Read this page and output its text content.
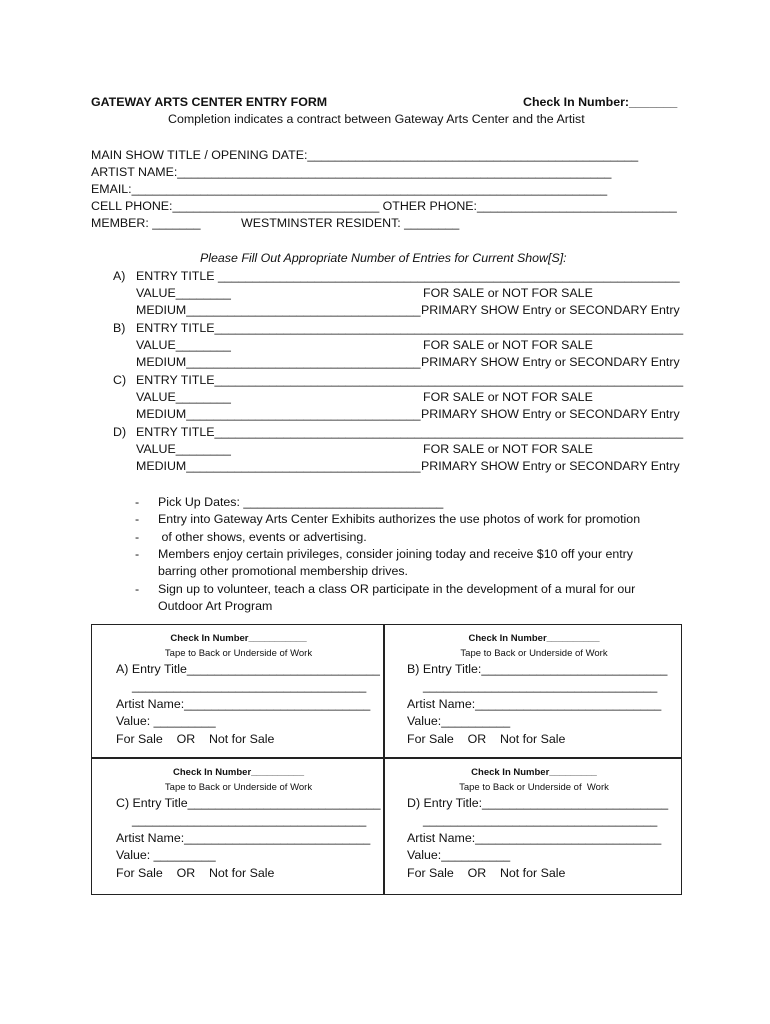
GATEWAY ARTS CENTER ENTRY FORM	Check In Number:_______
Completion indicates a contract between Gateway Arts Center and the Artist
MAIN SHOW TITLE / OPENING DATE:________________________________________________
ARTIST NAME:_______________________________________________________________
EMAIL:_____________________________________________________________________
CELL PHONE:______________________________ OTHER PHONE:_____________________________
MEMBER: _______	WESTMINSTER RESIDENT: ________
Please Fill Out Appropriate Number of Entries for Current Show[S]:
A) ENTRY TITLE ___________________________________________________________________
VALUE________	FOR SALE or NOT FOR SALE
MEDIUM__________________________________ PRIMARY SHOW Entry or SECONDARY Entry
B) ENTRY TITLE____________________________________________________________________
VALUE________	FOR SALE or NOT FOR SALE
MEDIUM__________________________________ PRIMARY SHOW Entry or SECONDARY Entry
C) ENTRY TITLE____________________________________________________________________
VALUE________	FOR SALE or NOT FOR SALE
MEDIUM__________________________________ PRIMARY SHOW Entry or SECONDARY Entry
D) ENTRY TITLE____________________________________________________________________
VALUE________	FOR SALE or NOT FOR SALE
MEDIUM__________________________________ PRIMARY SHOW Entry or SECONDARY Entry
- Pick Up Dates: _____________________________
- Entry into Gateway Arts Center Exhibits authorizes the use photos of work for promotion
- of other shows, events or advertising.
- Members enjoy certain privileges, consider joining today and receive $10 off your entry
barring other promotional membership drives.
- Sign up to volunteer, teach a class OR participate in the development of a mural for our
Outdoor Art Program
Check In Number___________
Tape to Back or Underside of Work
A) Entry Title____________________________
__________________________________
Artist Name:___________________________
Value: _________
For Sale    OR    Not for Sale
Check In Number__________
Tape to Back or Underside of Work
B) Entry Title:___________________________
__________________________________
Artist Name:___________________________
Value:__________
For Sale    OR    Not for Sale
Check In Number__________
Tape to Back or Underside of Work
C) Entry Title____________________________
__________________________________
Artist Name:___________________________
Value: _________
For Sale    OR    Not for Sale
Check In Number_________
Tape to Back or Underside of  Work
D) Entry Title:___________________________
__________________________________
Artist Name:___________________________
Value:__________
For Sale    OR    Not for Sale
